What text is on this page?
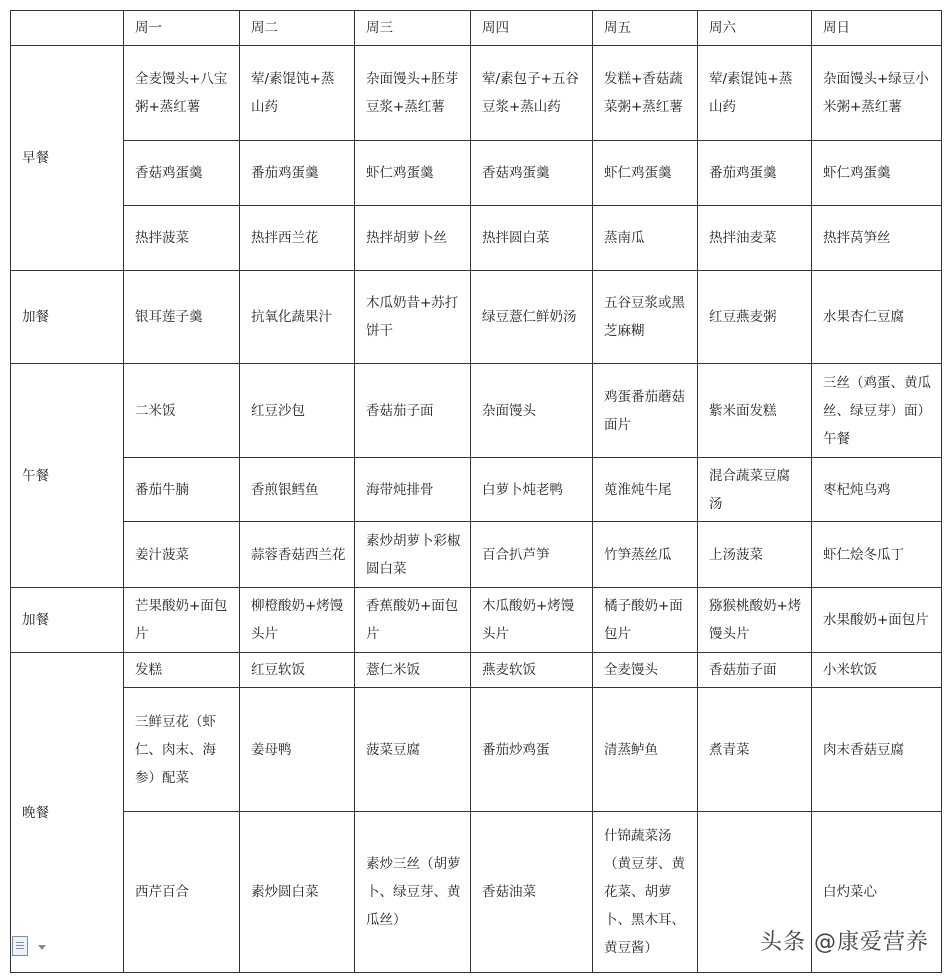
	周一	周二	周三	周四	周五	周六	周日
早餐	全麦馒头+八宝粥+蒸红薯	荤/素馄饨+蒸山药	杂面馒头+胚芽豆浆+蒸红薯	荤/素包子+五谷豆浆+蒸山药	发糕+香菇蔬菜粥+蒸红薯	荤/素馄饨+蒸山药	杂面馒头+绿豆小米粥+蒸红薯
	香菇鸡蛋羹	番茄鸡蛋羹	虾仁鸡蛋羹	香菇鸡蛋羹	虾仁鸡蛋羹	番茄鸡蛋羹	虾仁鸡蛋羹
	热拌菠菜	热拌西兰花	热拌胡萝卜丝	热拌圆白菜	蒸南瓜	热拌油麦菜	热拌莴笋丝
加餐	银耳莲子羹	抗氧化蔬果汁	木瓜奶昔+苏打饼干	绿豆薏仁鲜奶汤	五谷豆浆或黑芝麻糊	红豆燕麦粥	水果杏仁豆腐
午餐	二米饭	红豆沙包	香菇茄子面	杂面馒头	鸡蛋番茄蘑菇面片	紫米面发糕	三丝（鸡蛋、黄瓜丝、绿豆芽）面）午餐
	番茄牛腩	香煎银鳕鱼	海带炖排骨	白萝卜炖老鸭	莵淮炖牛尾	混合蔬菜豆腐汤	枣杞炖乌鸡
	姜汁菠菜	蒜蓉香菇西兰花	素炒胡萝卜彩椒圆白菜	百合扒芦笋	竹笋蒸丝瓜	上汤菠菜	虾仁烩冬瓜丁
加餐	芒果酸奶+面包片	柳橙酸奶+烤馒头片	香蕉酸奶+面包片	木瓜酸奶+烤馒头片	橘子酸奶+面包片	猕猴桃酸奶+烤馒头片	水果酸奶+面包片
晚餐	发糕	红豆软饭	薏仁米饭	燕麦软饭	全麦馒头	香菇茄子面	小米软饭
	三鲜豆花（虾仁、肉末、海参）配菜	姜母鸭	菠菜豆腐	番茄炒鸡蛋	清蒸鲈鱼	煮青菜	肉末香菇豆腐
	西芹百合	素炒圆白菜	素炒三丝（胡萝卜、绿豆芽、黄瓜丝）	香菇油菜	什锦蔬菜汤（黄豆芽、黄花菜、胡萝卜、黑木耳、黄豆酱）		白灼菜心
头条 @康爱营养
